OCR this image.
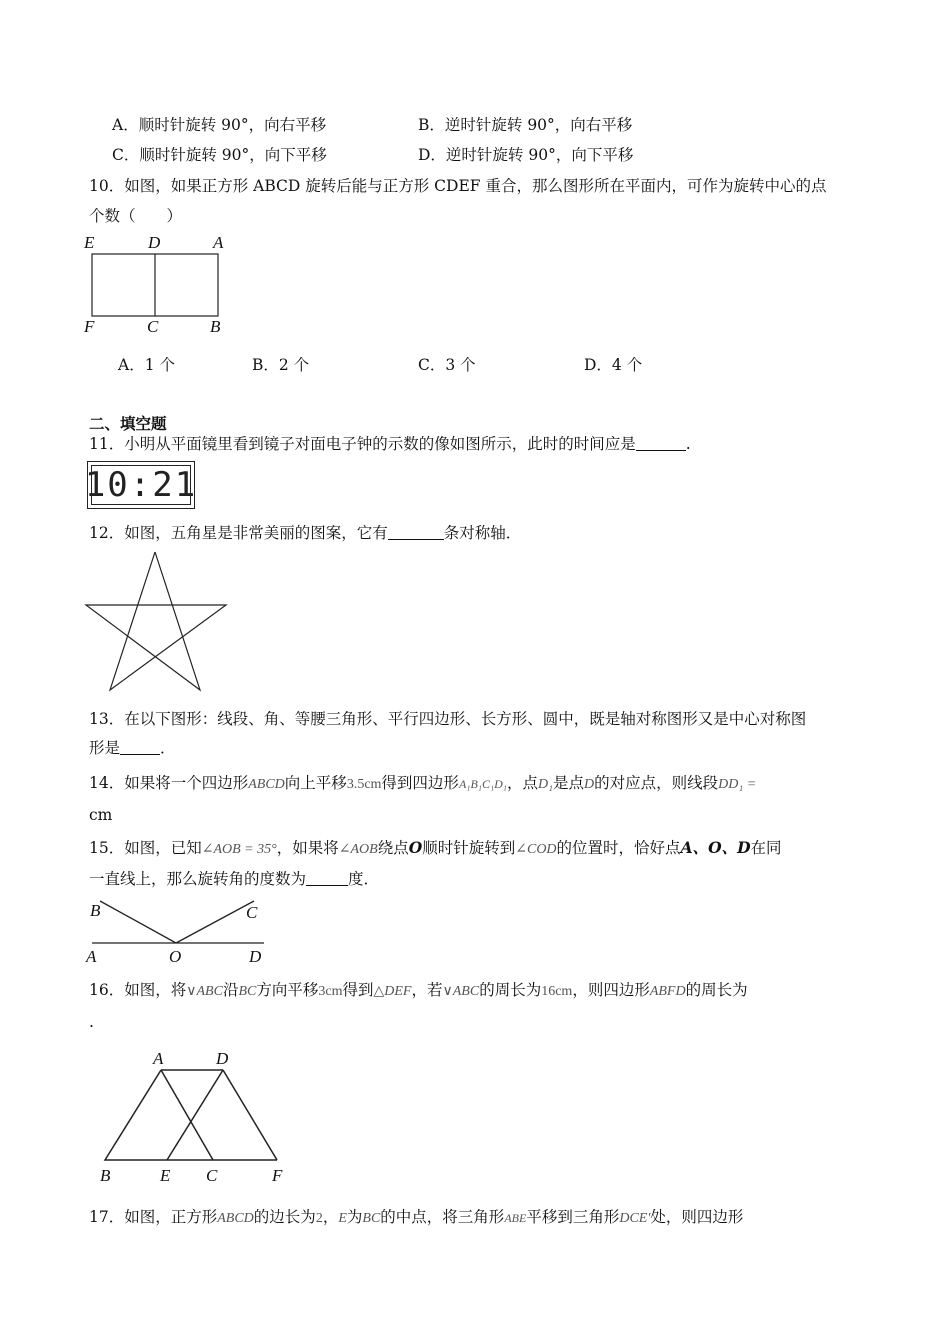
A．顺时针旋转 90°，向右平移	B．逆时针旋转 90°，向右平移
C．顺时针旋转 90°，向下平移	D．逆时针旋转 90°，向下平移
10．如图，如果正方形 ABCD 旋转后能与正方形 CDEF 重合，那么图形所在平面内，可作为旋转中心的点
个数（　　）
E	D	A
F	C	B
A．1 个	B．2 个	C．3 个	D．4 个
二、填空题
11．小明从平面镜里看到镜子对面电子钟的示数的像如图所示，此时的时间应是	.
10:21
12．如图，五角星是非常美丽的图案，它有	条对称轴．
13．在以下图形：线段、角、等腰三角形、平行四边形、长方形、圆中，既是轴对称图形又是中心对称图
形是	．
14．如果将一个四边形ABCD向上平移3.5cm得到四边形A₁B₁C₁D₁，点D₁是点D的对应点，则线段DD₁ =
cm
15．如图，已知∠AOB = 35°，如果将∠AOB绕点O顺时针旋转到∠COD的位置时，恰好点A、O、D在同
一直线上，那么旋转角的度数为	度．
B	C
A	O	D
16．如图，将∨ABC沿BC方向平移3cm得到△DEF，若∨ABC的周长为16cm，则四边形ABFD的周长为
.
A	D
B	E C	F
17．如图，正方形ABCD的边长为2，E为BC的中点，将三角形ABE平移到三角形DCE′处，则四边形
